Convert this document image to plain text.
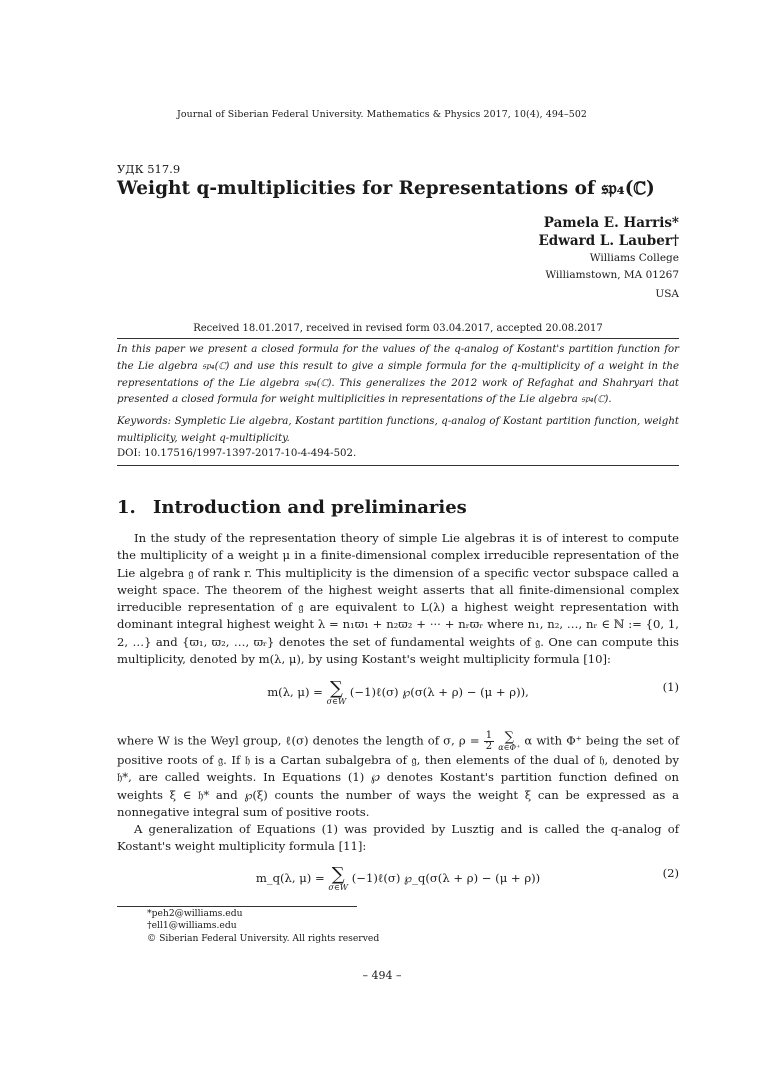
Journal of Siberian Federal University. Mathematics & Physics 2017, 10(4), 494–502
УДК 517.9
Weight q-multiplicities for Representations of 𝔰𝔭₄(ℂ)
Pamela E. Harris*
Edward L. Lauber†
Williams College
Williamstown, MA 01267
USA
Received 18.01.2017, received in revised form 03.04.2017, accepted 20.08.2017
In this paper we present a closed formula for the values of the q-analog of Kostant's partition function for the Lie algebra 𝔰𝔭₄(ℂ) and use this result to give a simple formula for the q-multiplicity of a weight in the representations of the Lie algebra 𝔰𝔭₄(ℂ). This generalizes the 2012 work of Refaghat and Shahryari that presented a closed formula for weight multiplicities in representations of the Lie algebra 𝔰𝔭₄(ℂ).
Keywords: Sympletic Lie algebra, Kostant partition functions, q-analog of Kostant partition function, weight multiplicity, weight q-multiplicity.
DOI: 10.17516/1997-1397-2017-10-4-494-502.
1. Introduction and preliminaries
In the study of the representation theory of simple Lie algebras it is of interest to compute the multiplicity of a weight μ in a finite-dimensional complex irreducible representation of the Lie algebra 𝔤 of rank r. This multiplicity is the dimension of a specific vector subspace called a weight space. The theorem of the highest weight asserts that all finite-dimensional complex irreducible representation of 𝔤 are equivalent to L(λ) a highest weight representation with dominant integral highest weight λ = n₁ϖ₁ + n₂ϖ₂ + ··· + nᵣϖᵣ where n₁, n₂, …, nᵣ ∈ ℕ := {0, 1, 2, …} and {ϖ₁, ϖ₂, …, ϖᵣ} denotes the set of fundamental weights of 𝔤. One can compute this multiplicity, denoted by m(λ, μ), by using Kostant's weight multiplicity formula [10]:
m(λ, μ) = ∑
σ∈W
(−1)ℓ(σ) ℘(σ(λ + ρ) − (μ + ρ)),	(1)
where W is the Weyl group, ℓ(σ) denotes the length of σ, $\rho = \frac{1}{2}$
∑
α∈Φ⁺ α with Φ⁺ being the set of positive roots of 𝔤. If 𝔥 is a Cartan subalgebra of 𝔤, then elements of the dual of 𝔥, denoted by 𝔥*, are called weights. In Equations (1) ℘ denotes Kostant's partition function defined on weights ξ ∈ 𝔥* and ℘(ξ) counts the number of ways the weight ξ can be expressed as a nonnegative integral sum of positive roots.
A generalization of Equations (1) was provided by Lusztig and is called the q-analog of Kostant's weight multiplicity formula [11]:
m_q(λ, μ) = ∑
σ∈W
(−1)ℓ(σ) ℘_q(σ(λ + ρ) − (μ + ρ))	(2)
*peh2@williams.edu
†ell1@williams.edu
© Siberian Federal University. All rights reserved
– 494 –
